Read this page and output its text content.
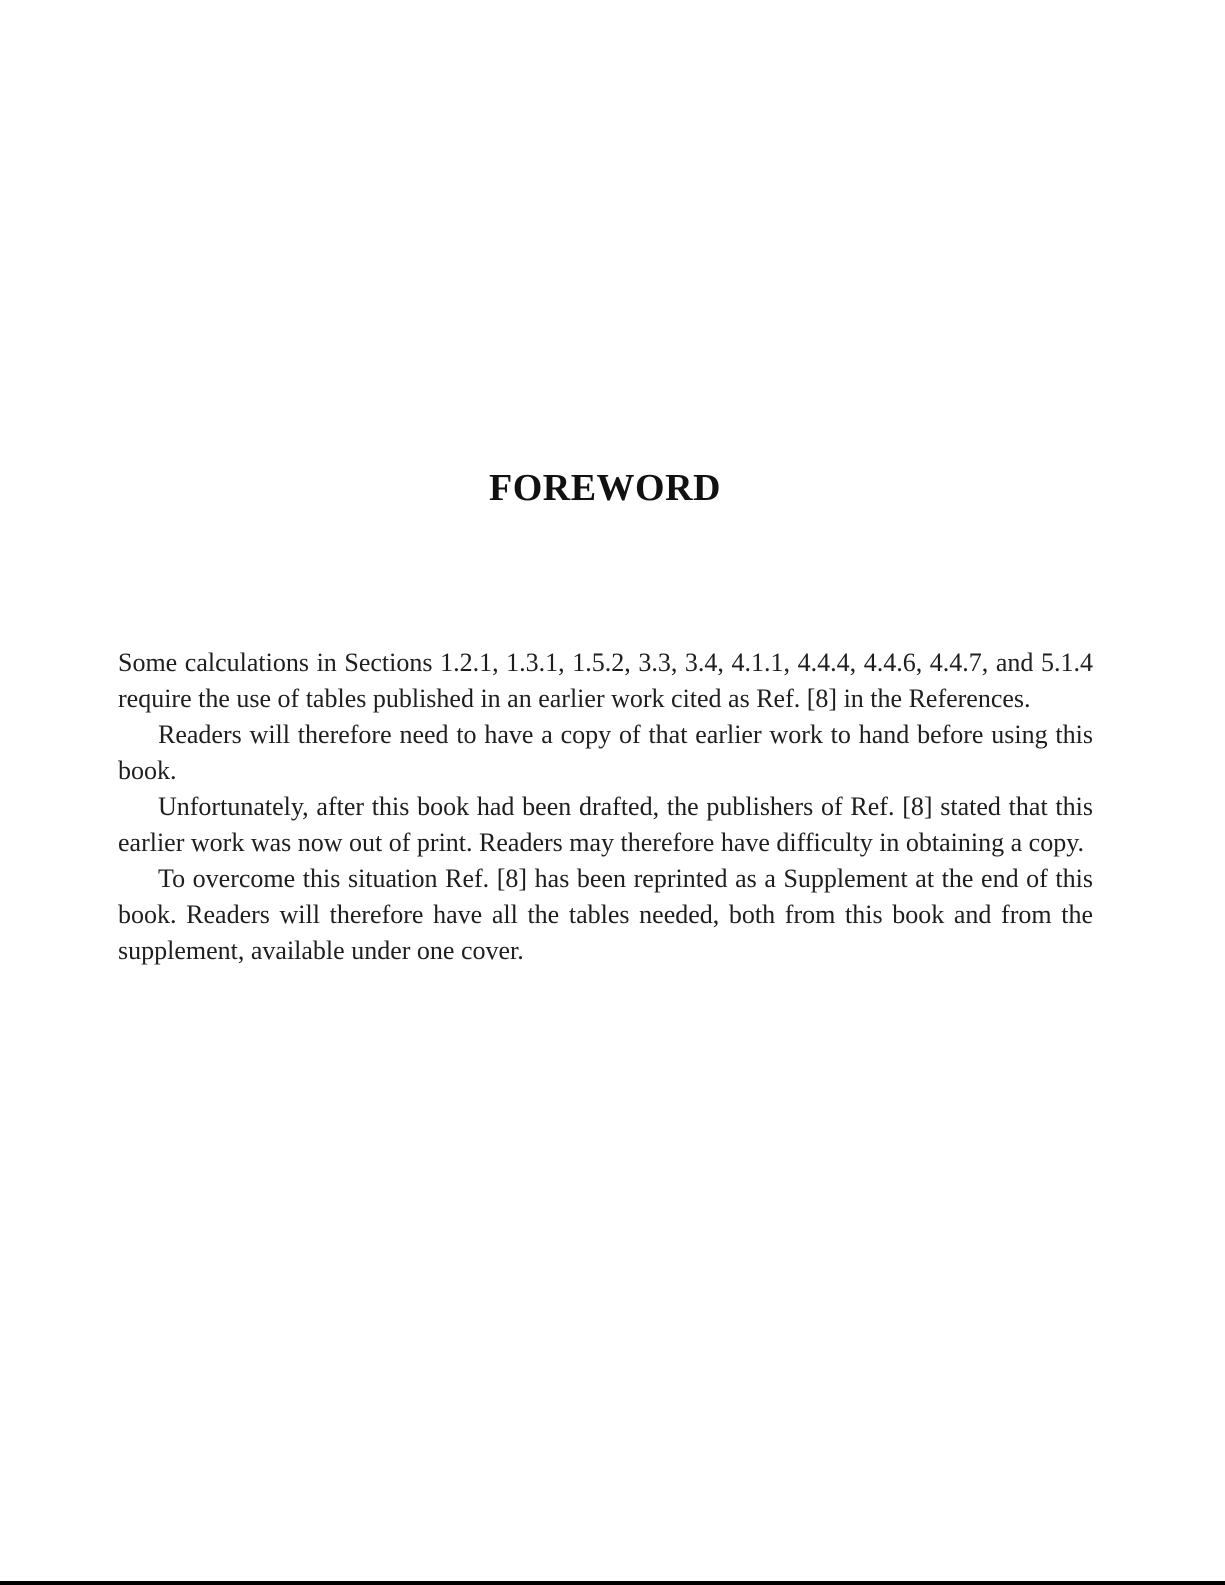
FOREWORD

Some calculations in Sections 1.2.1, 1.3.1, 1.5.2, 3.3, 3.4, 4.1.1, 4.4.4, 4.4.6, 4.4.7, and 5.1.4 require the use of tables published in an earlier work cited as Ref. [8] in the References.

Readers will therefore need to have a copy of that earlier work to hand before using this book.

Unfortunately, after this book had been drafted, the publishers of Ref. [8] stated that this earlier work was now out of print. Readers may therefore have difficulty in obtaining a copy.

To overcome this situation Ref. [8] has been reprinted as a Supplement at the end of this book. Readers will therefore have all the tables needed, both from this book and from the supplement, available under one cover.
